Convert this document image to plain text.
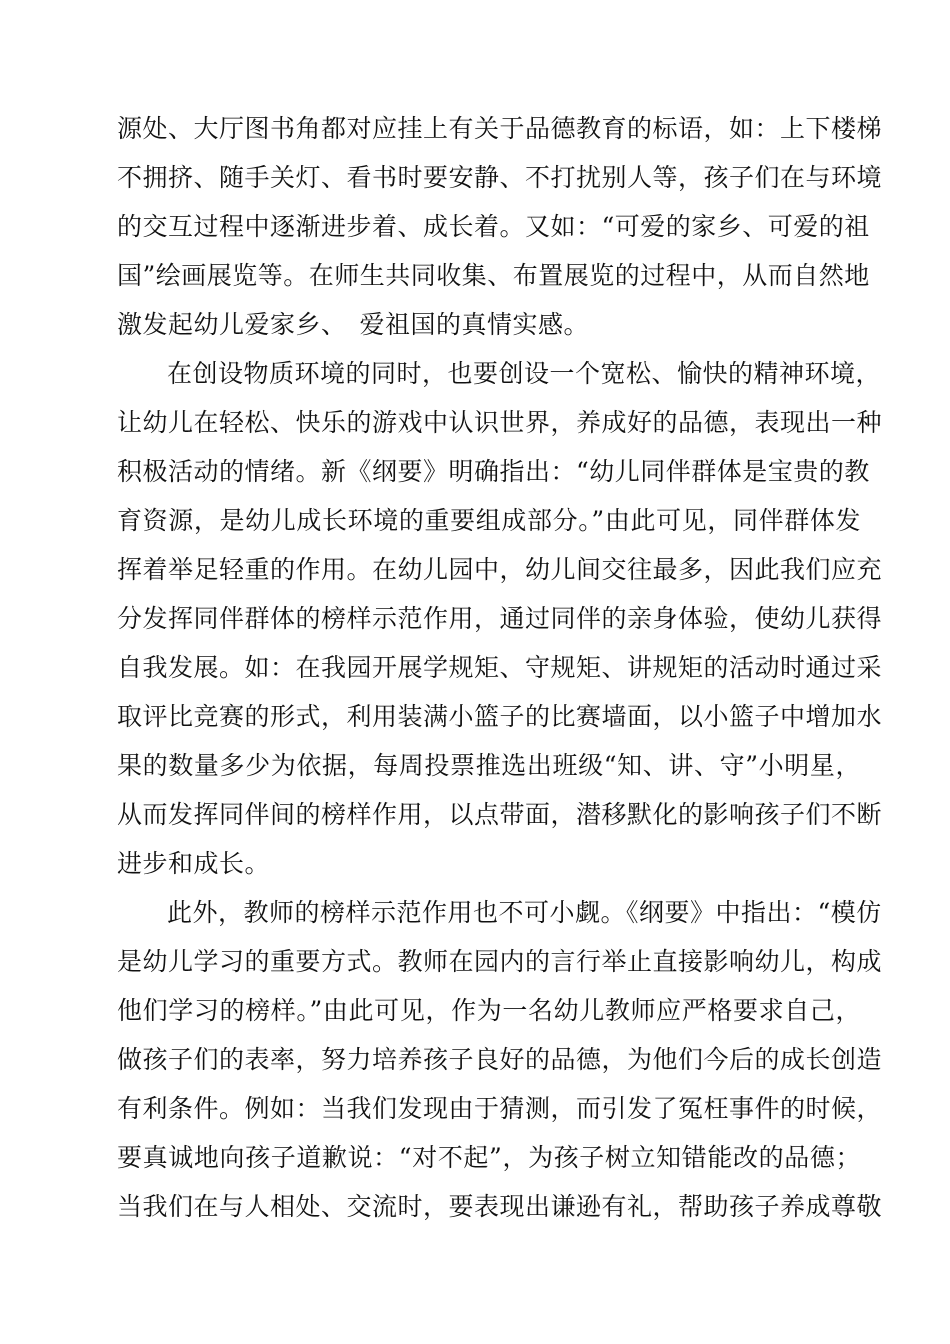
源处、大厅图书角都对应挂上有关于品德教育的标语，如：上下楼梯
不拥挤、随手关灯、看书时要安静、不打扰别人等，孩子们在与环境
的交互过程中逐渐进步着、成长着。又如：“可爱的家乡、可爱的祖
国”绘画展览等。在师生共同收集、布置展览的过程中，从而自然地
激发起幼儿爱家乡、　爱祖国的真情实感。
在创设物质环境的同时，也要创设一个宽松、愉快的精神环境，
让幼儿在轻松、快乐的游戏中认识世界，养成好的品德，表现出一种
积极活动的情绪。新《纲要》明确指出：“幼儿同伴群体是宝贵的教
育资源，是幼儿成长环境的重要组成部分。”由此可见，同伴群体发
挥着举足轻重的作用。在幼儿园中，幼儿间交往最多，因此我们应充
分发挥同伴群体的榜样示范作用，通过同伴的亲身体验，使幼儿获得
自我发展。如：在我园开展学规矩、守规矩、讲规矩的活动时通过采
取评比竞赛的形式，利用装满小篮子的比赛墙面，以小篮子中增加水
果的数量多少为依据，每周投票推选出班级“知、讲、守”小明星，
从而发挥同伴间的榜样作用，以点带面，潜移默化的影响孩子们不断
进步和成长。
此外，教师的榜样示范作用也不可小觑。《纲要》中指出：“模仿
是幼儿学习的重要方式。教师在园内的言行举止直接影响幼儿，构成
他们学习的榜样。”由此可见，作为一名幼儿教师应严格要求自己，
做孩子们的表率，努力培养孩子良好的品德，为他们今后的成长创造
有利条件。例如：当我们发现由于猜测，而引发了冤枉事件的时候，
要真诚地向孩子道歉说：“对不起”，为孩子树立知错能改的品德；
当我们在与人相处、交流时，要表现出谦逊有礼，帮助孩子养成尊敬
